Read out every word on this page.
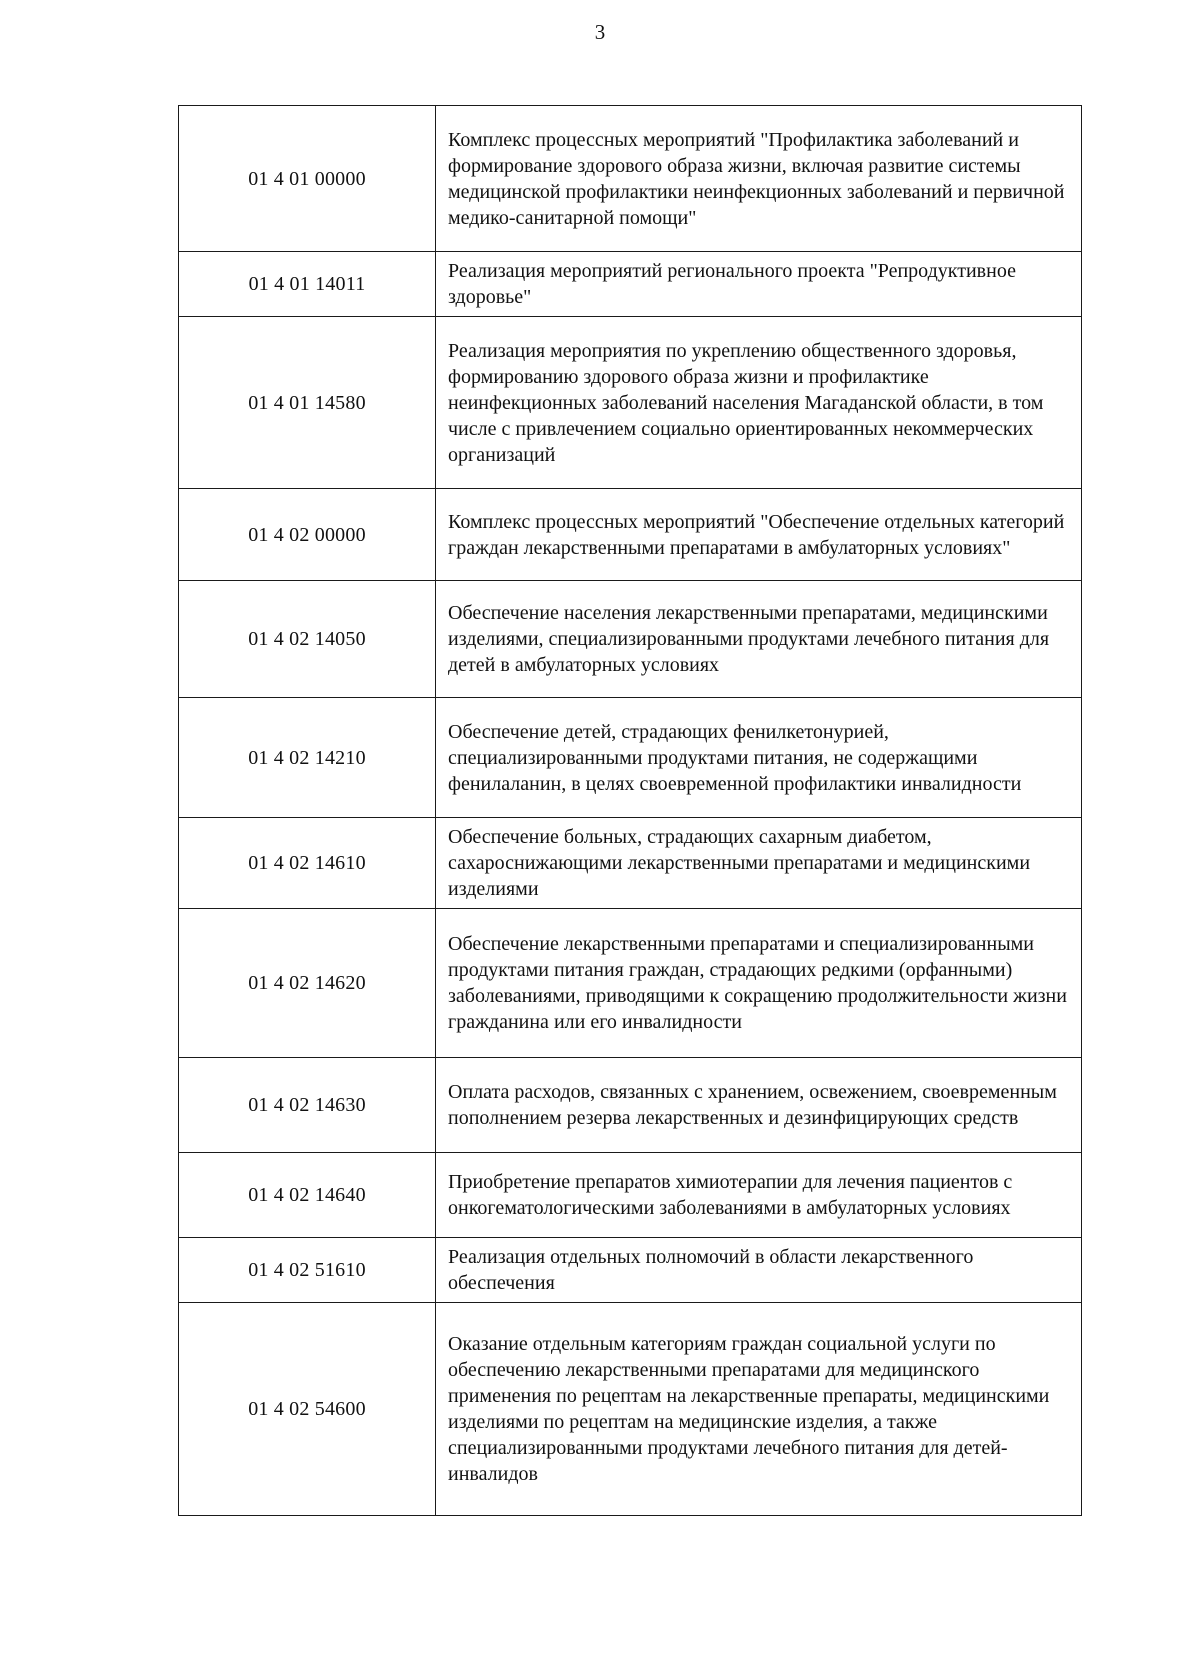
3
01 4 01 00000	Комплекс процессных мероприятий "Профилактика заболеваний и формирование здорового образа жизни, включая развитие системы медицинской профилактики неинфекционных заболеваний и первичной медико-санитарной помощи"
01 4 01 14011	Реализация мероприятий регионального проекта "Репродуктивное здоровье"
01 4 01 14580	Реализация мероприятия по укреплению общественного здоровья, формированию здорового образа жизни и профилактике неинфекционных заболеваний населения Магаданской области, в том числе с привлечением социально ориентированных некоммерческих организаций
01 4 02 00000	Комплекс процессных мероприятий "Обеспечение отдельных категорий граждан лекарственными препаратами в амбулаторных условиях"
01 4 02 14050	Обеспечение населения лекарственными препаратами, медицинскими изделиями, специализированными продуктами лечебного питания для детей в амбулаторных условиях
01 4 02 14210	Обеспечение детей, страдающих фенилкетонурией, специализированными продуктами питания, не содержащими фенилаланин, в целях своевременной профилактики инвалидности
01 4 02 14610	Обеспечение больных, страдающих сахарным диабетом, сахароснижающими лекарственными препаратами и медицинскими изделиями
01 4 02 14620	Обеспечение лекарственными препаратами и специализированными продуктами питания граждан, страдающих редкими (орфанными) заболеваниями, приводящими к сокращению продолжительности жизни гражданина или его инвалидности
01 4 02 14630	Оплата расходов, связанных с хранением, освежением, своевременным пополнением резерва лекарственных и дезинфицирующих средств
01 4 02 14640	Приобретение препаратов химиотерапии для лечения пациентов с онкогематологическими заболеваниями в амбулаторных условиях
01 4 02 51610	Реализация отдельных полномочий в области лекарственного обеспечения
01 4 02 54600	Оказание отдельным категориям граждан социальной услуги по обеспечению лекарственными препаратами для медицинского применения по рецептам на лекарственные препараты, медицинскими изделиями по рецептам на медицинские изделия, а также специализированными продуктами лечебного питания для детей-инвалидов
